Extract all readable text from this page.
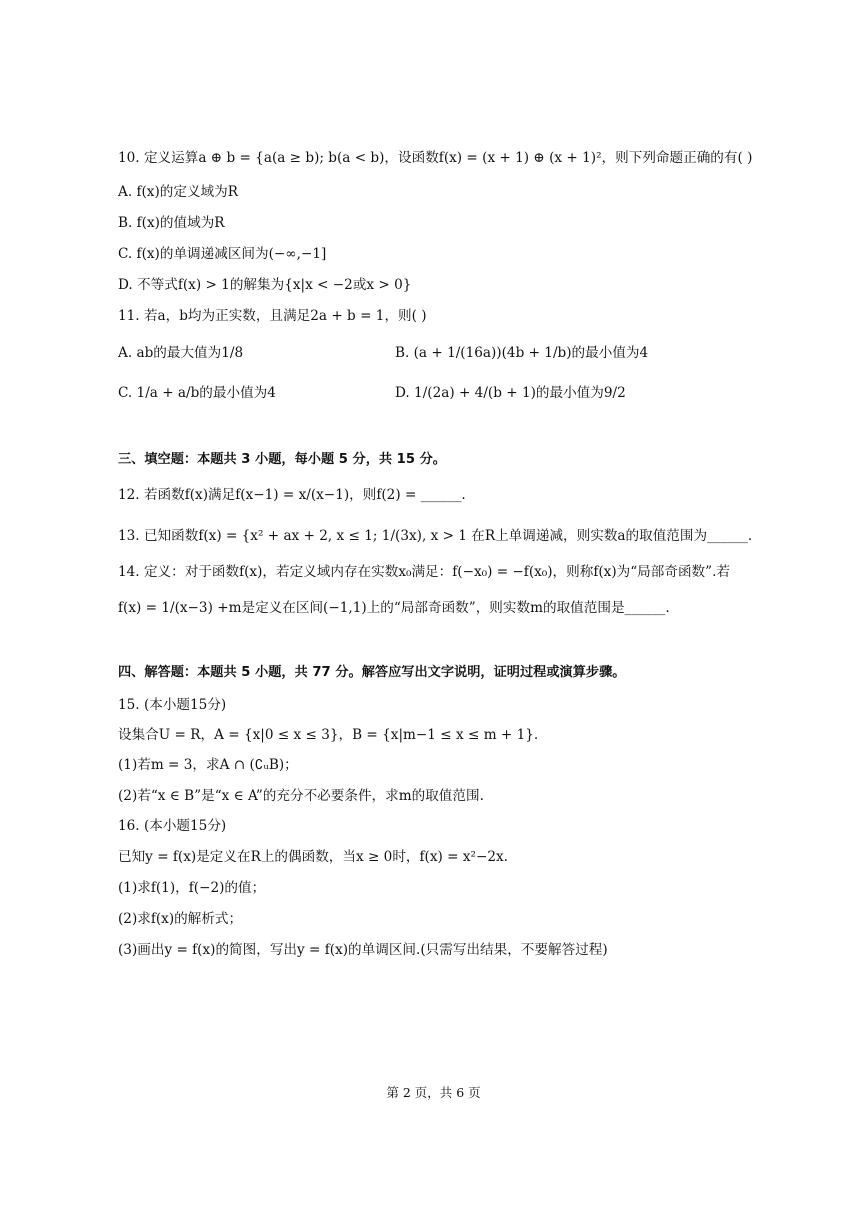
10. 定义运算a ⊕ b = {a(a ≥ b); b(a < b)，设函数f(x) = (x + 1) ⊕ (x + 1)²，则下列命题正确的有( )
A. f(x)的定义域为R
B. f(x)的值域为R
C. f(x)的单调递减区间为(−∞,−1]
D. 不等式f(x) > 1的解集为{x|x < −2或x > 0}
11. 若a，b均为正实数，且满足2a + b = 1，则( )
A. ab的最大值为1/8	B. (a + 1/(16a))(4b + 1/b)的最小值为4
C. 1/a + a/b的最小值为4	D. 1/(2a) + 4/(b + 1)的最小值为9/2
三、填空题：本题共 3 小题，每小题 5 分，共 15 分。
12. 若函数f(x)满足f(x−1) = x/(x−1)，则f(2) = ______.
13. 已知函数f(x) = {x² + ax + 2, x ≤ 1; 1/(3x), x > 1 在R上单调递减，则实数a的取值范围为______.
14. 定义：对于函数f(x)，若定义域内存在实数x₀满足：f(−x₀) = −f(x₀)，则称f(x)为“局部奇函数”.若
f(x) = 1/(x−3) +m是定义在区间(−1,1)上的“局部奇函数”，则实数m的取值范围是______.
四、解答题：本题共 5 小题，共 77 分。解答应写出文字说明，证明过程或演算步骤。
15. (本小题15分)
设集合U = R，A = {x|0 ≤ x ≤ 3}，B = {x|m−1 ≤ x ≤ m + 1}.
(1)若m = 3，求A ∩ (∁ᵤB)；
(2)若“x ∈ B”是“x ∈ A”的充分不必要条件，求m的取值范围.
16. (本小题15分)
已知y = f(x)是定义在R上的偶函数，当x ≥ 0时，f(x) = x²−2x.
(1)求f(1)，f(−2)的值；
(2)求f(x)的解析式；
(3)画出y = f(x)的简图，写出y = f(x)的单调区间.(只需写出结果，不要解答过程)
第 2 页，共 6 页
